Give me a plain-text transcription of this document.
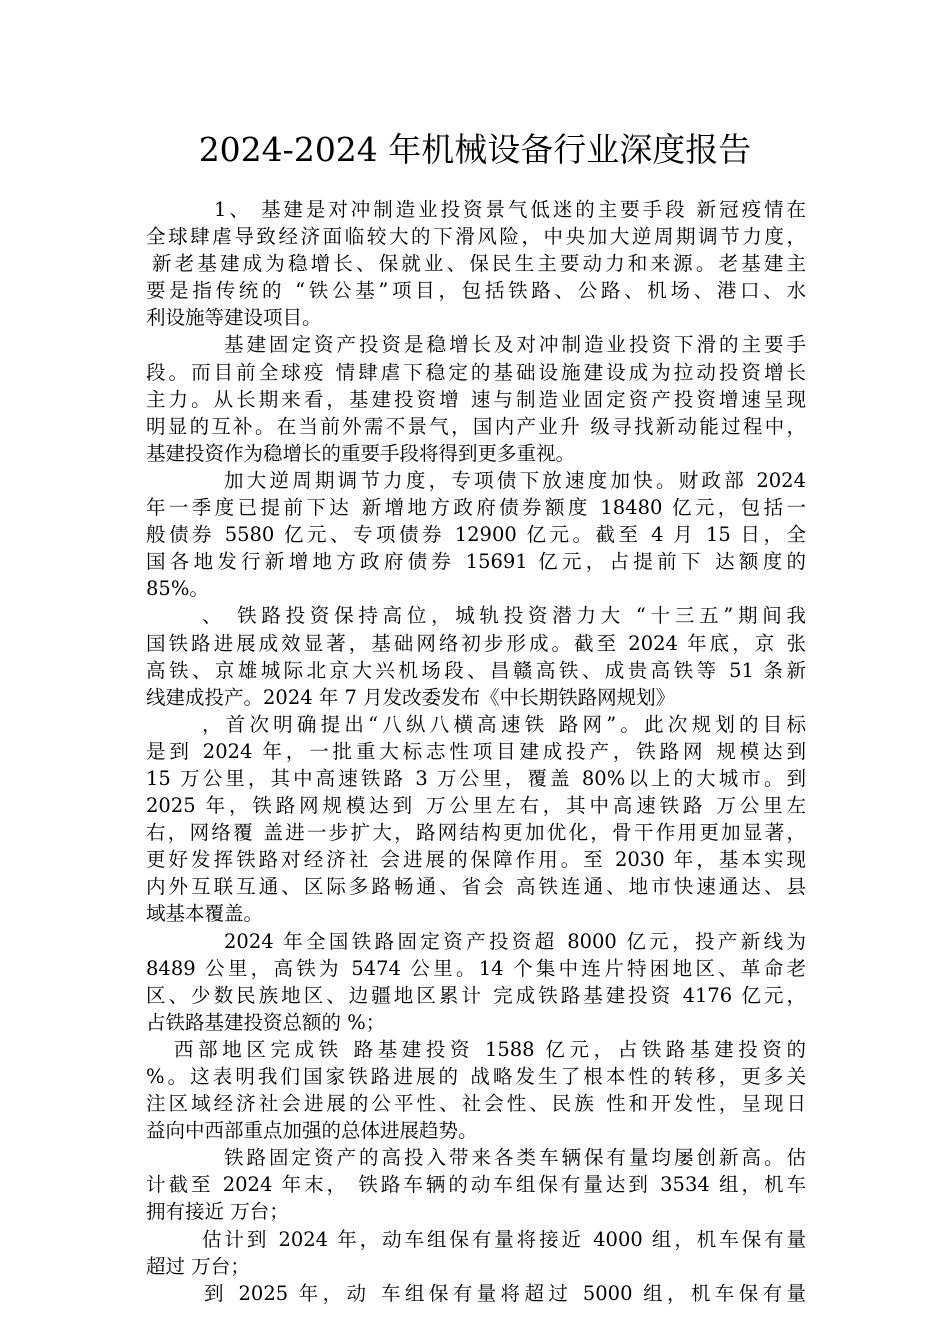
2024-2024 年机械设备行业深度报告
1、 基建是对冲制造业投资景气低迷的主要手段 新冠疫情在
全球肆虐导致经济面临较大的下滑风险，中央加大逆周期调节力度，
新老基建成为稳增长、保就业、保民生主要动力和来源。老基建主
要是指传统的 “铁公基”项目，包括铁路、公路、机场、港口、水
利设施等建设项目。
基建固定资产投资是稳增长及对冲制造业投资下滑的主要手
段。而目前全球疫 情肆虐下稳定的基础设施建设成为拉动投资增长
主力。从长期来看，基建投资增 速与制造业固定资产投资增速呈现
明显的互补。在当前外需不景气，国内产业升 级寻找新动能过程中，
基建投资作为稳增长的重要手段将得到更多重视。
加大逆周期调节力度，专项债下放速度加快。财政部 2024
年一季度已提前下达 新增地方政府债券额度 18480 亿元，包括一
般债券 5580 亿元、专项债券 12900 亿元。截至 4 月 15 日，全
国各地发行新增地方政府债券 15691 亿元，占提前下 达额度的
85%。
、 铁路投资保持高位，城轨投资潜力大 “十三五”期间我
国铁路进展成效显著，基础网络初步形成。截至 2024 年底，京 张
高铁、京雄城际北京大兴机场段、昌赣高铁、成贵高铁等 51 条新
线建成投产。2024 年 7 月发改委发布《中长期铁路网规划》
，首次明确提出“八纵八横高速铁 路网”。此次规划的目标
是到 2024 年，一批重大标志性项目建成投产，铁路网 规模达到
15 万公里，其中高速铁路 3 万公里，覆盖 80%以上的大城市。到
2025 年，铁路网规模达到 万公里左右，其中高速铁路 万公里左
右，网络覆 盖进一步扩大，路网结构更加优化，骨干作用更加显著，
更好发挥铁路对经济社 会进展的保障作用。至 2030 年，基本实现
内外互联互通、区际多路畅通、省会 高铁连通、地市快速通达、县
域基本覆盖。
2024 年全国铁路固定资产投资超 8000 亿元，投产新线为
8489 公里，高铁为 5474 公里。14 个集中连片特困地区、革命老
区、少数民族地区、边疆地区累计 完成铁路基建投资 4176 亿元，
占铁路基建投资总额的 %；
西部地区完成铁 路基建投资 1588 亿元，占铁路基建投资的
%。这表明我们国家铁路进展的 战略发生了根本性的转移，更多关
注区域经济社会进展的公平性、社会性、民族 性和开发性，呈现日
益向中西部重点加强的总体进展趋势。
铁路固定资产的高投入带来各类车辆保有量均屡创新高。估
计截至 2024 年末， 铁路车辆的动车组保有量达到 3534 组，机车
拥有接近 万台；
估计到 2024 年，动车组保有量将接近 4000 组，机车保有量
超过 万台；
到 2025 年，动 车组保有量将超过 5000 组，机车保有量
